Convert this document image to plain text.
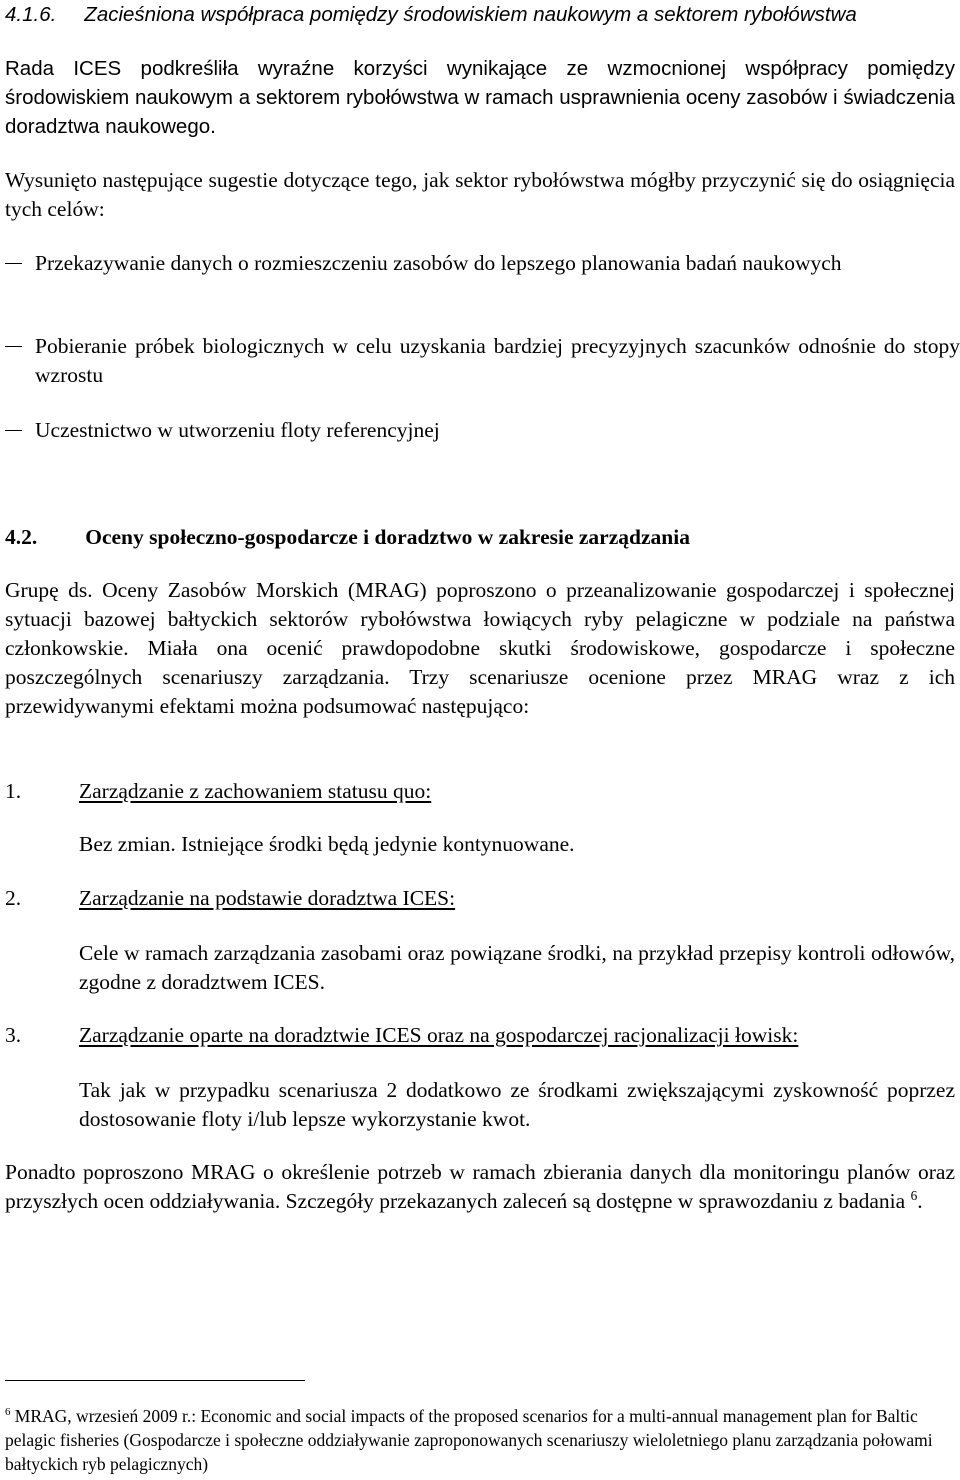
4.1.6. Zacieśniona współpraca pomiędzy środowiskiem naukowym a sektorem rybołówstwa
Rada ICES podkreśliła wyraźne korzyści wynikające ze wzmocnionej współpracy pomiędzy środowiskiem naukowym a sektorem rybołówstwa w ramach usprawnienia oceny zasobów i świadczenia doradztwa naukowego.
Wysunięto następujące sugestie dotyczące tego, jak sektor rybołówstwa mógłby przyczynić się do osiągnięcia tych celów:
Przekazywanie danych o rozmieszczeniu zasobów do lepszego planowania badań naukowych
Pobieranie próbek biologicznych w celu uzyskania bardziej precyzyjnych szacunków odnośnie do stopy wzrostu
Uczestnictwo w utworzeniu floty referencyjnej
4.2. Oceny społeczno-gospodarcze i doradztwo w zakresie zarządzania
Grupę ds. Oceny Zasobów Morskich (MRAG) poproszono o przeanalizowanie gospodarczej i społecznej sytuacji bazowej bałtyckich sektorów rybołówstwa łowiących ryby pelagiczne w podziale na państwa członkowskie. Miała ona ocenić prawdopodobne skutki środowiskowe, gospodarcze i społeczne poszczególnych scenariuszy zarządzania. Trzy scenariusze ocenione przez MRAG wraz z ich przewidywanymi efektami można podsumować następująco:
1.	Zarządzanie z zachowaniem statusu quo:
Bez zmian. Istniejące środki będą jedynie kontynuowane.
2.	Zarządzanie na podstawie doradztwa ICES:
Cele w ramach zarządzania zasobami oraz powiązane środki, na przykład przepisy kontroli odłowów, zgodne z doradztwem ICES.
3.	Zarządzanie oparte na doradztwie ICES oraz na gospodarczej racjonalizacji łowisk:
Tak jak w przypadku scenariusza 2 dodatkowo ze środkami zwiększającymi zyskowność poprzez dostosowanie floty i/lub lepsze wykorzystanie kwot.
Ponadto poproszono MRAG o określenie potrzeb w ramach zbierania danych dla monitoringu planów oraz przyszłych ocen oddziaływania. Szczegóły przekazanych zaleceń są dostępne w sprawozdaniu z badania $^6$.
$^6$ MRAG, wrzesień 2009 r.: Economic and social impacts of the proposed scenarios for a multi-annual management plan for Baltic pelagic fisheries (Gospodarcze i społeczne oddziaływanie zaproponowanych scenariuszy wieloletniego planu zarządzania połowami bałtyckich ryb pelagicznych)
